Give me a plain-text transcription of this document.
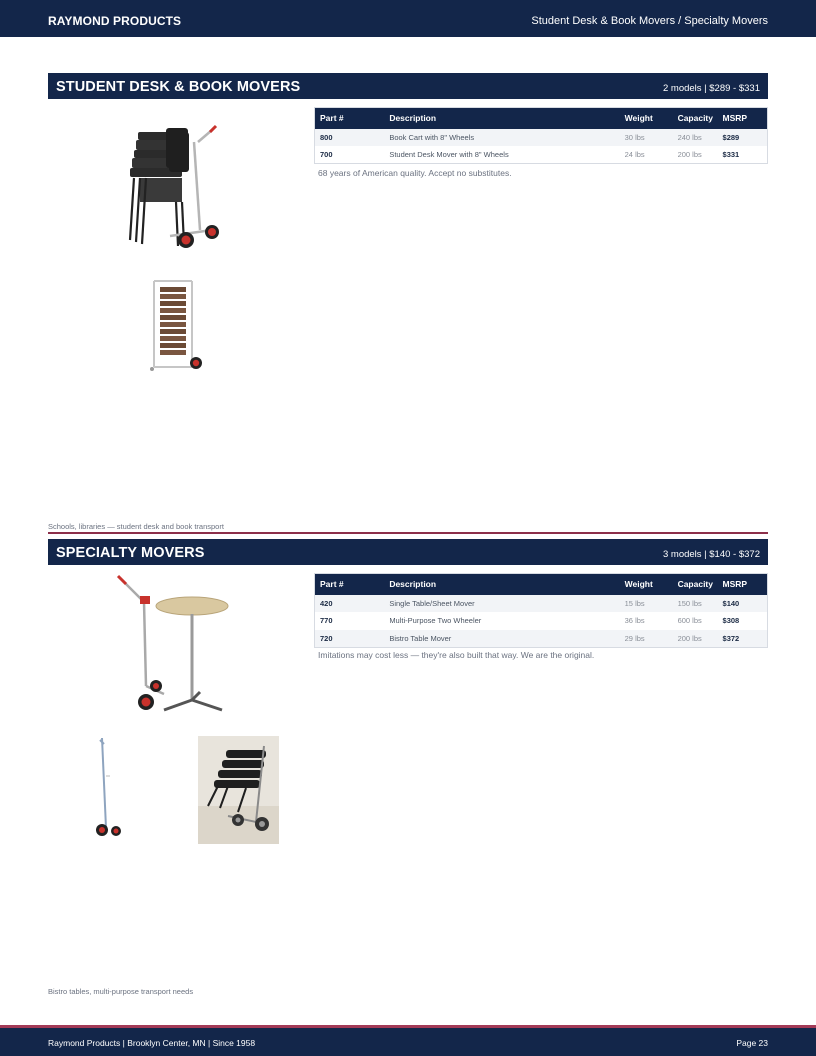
RAYMOND PRODUCTS	Student Desk & Book Movers / Specialty Movers
STUDENT DESK & BOOK MOVERS	2 models | $289 - $331
Part #	Description	Weight	Capacity	MSRP
800	Book Cart with 8" Wheels	30 lbs	240 lbs	$289
700	Student Desk Mover with 8" Wheels	24 lbs	200 lbs	$331
68 years of American quality. Accept no substitutes.
Schools, libraries — student desk and book transport
SPECIALTY MOVERS	3 models | $140 - $372
Part #	Description	Weight	Capacity	MSRP
420	Single Table/Sheet Mover	15 lbs	150 lbs	$140
770	Multi-Purpose Two Wheeler	36 lbs	600 lbs	$308
720	Bistro Table Mover	29 lbs	200 lbs	$372
Imitations may cost less — they're also built that way. We are the original.
Bistro tables, multi-purpose transport needs
Raymond Products | Brooklyn Center, MN | Since 1958	Page 23
